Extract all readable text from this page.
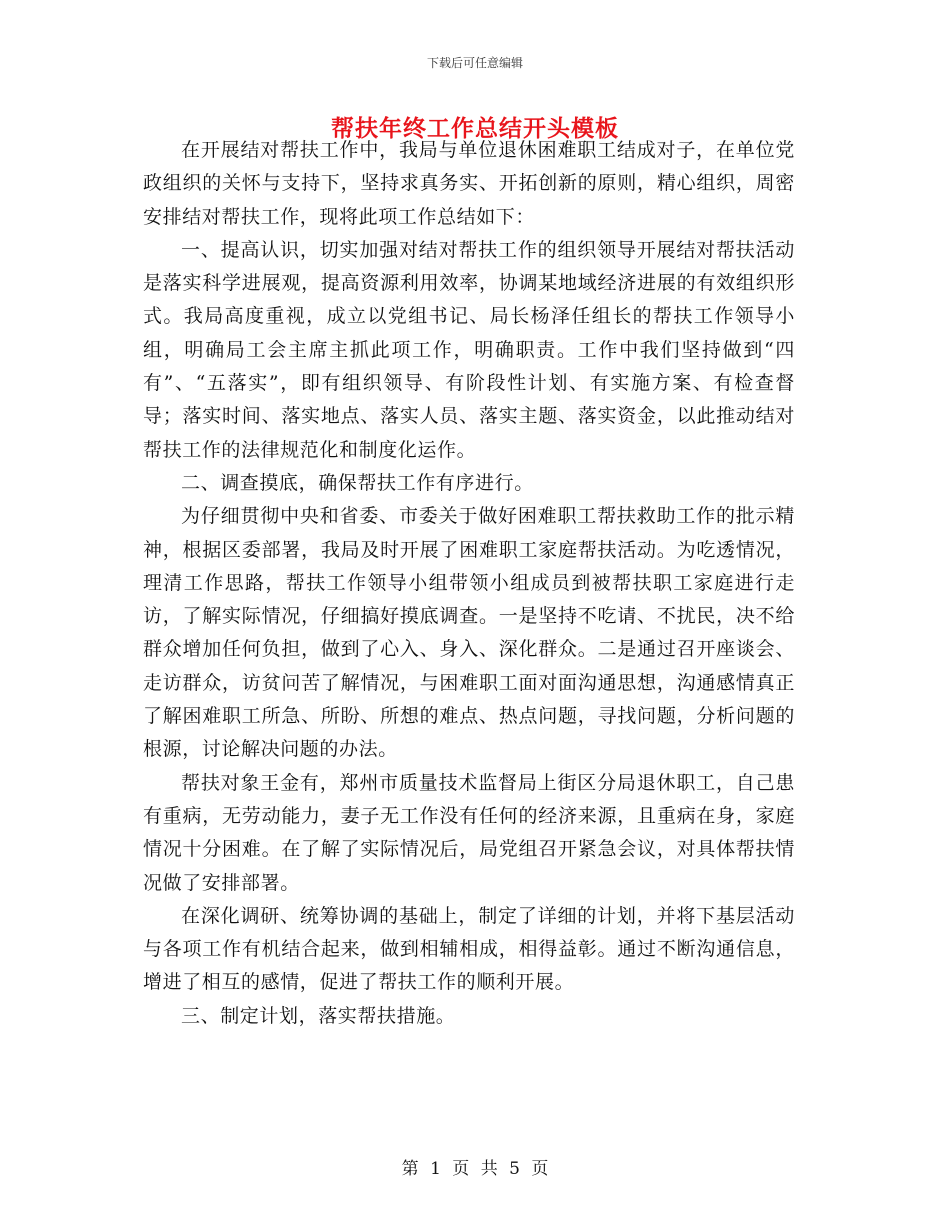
下载后可任意编辑
帮扶年终工作总结开头模板

在开展结对帮扶工作中，我局与单位退休困难职工结成对子，在单位党政组织的关怀与支持下，坚持求真务实、开拓创新的原则，精心组织，周密安排结对帮扶工作，现将此项工作总结如下：

一、提高认识，切实加强对结对帮扶工作的组织领导开展结对帮扶活动是落实科学进展观，提高资源利用效率，协调某地域经济进展的有效组织形式。我局高度重视，成立以党组书记、局长杨泽任组长的帮扶工作领导小组，明确局工会主席主抓此项工作，明确职责。工作中我们坚持做到“四有”、“五落实”，即有组织领导、有阶段性计划、有实施方案、有检查督导；落实时间、落实地点、落实人员、落实主题、落实资金，以此推动结对帮扶工作的法律规范化和制度化运作。

二、调查摸底，确保帮扶工作有序进行。

为仔细贯彻中央和省委、市委关于做好困难职工帮扶救助工作的批示精神，根据区委部署，我局及时开展了困难职工家庭帮扶活动。为吃透情况，理清工作思路，帮扶工作领导小组带领小组成员到被帮扶职工家庭进行走访，了解实际情况，仔细搞好摸底调查。一是坚持不吃请、不扰民，决不给群众增加任何负担，做到了心入、身入、深化群众。二是通过召开座谈会、走访群众，访贫问苦了解情况，与困难职工面对面沟通思想，沟通感情真正了解困难职工所急、所盼、所想的难点、热点问题，寻找问题，分析问题的根源，讨论解决问题的办法。

帮扶对象王金有，郑州市质量技术监督局上街区分局退休职工，自己患有重病，无劳动能力，妻子无工作没有任何的经济来源，且重病在身，家庭情况十分困难。在了解了实际情况后，局党组召开紧急会议，对具体帮扶情况做了安排部署。

在深化调研、统筹协调的基础上，制定了详细的计划，并将下基层活动与各项工作有机结合起来，做到相辅相成，相得益彰。通过不断沟通信息，增进了相互的感情，促进了帮扶工作的顺利开展。

三、制定计划，落实帮扶措施。

第 1 页 共 5 页
